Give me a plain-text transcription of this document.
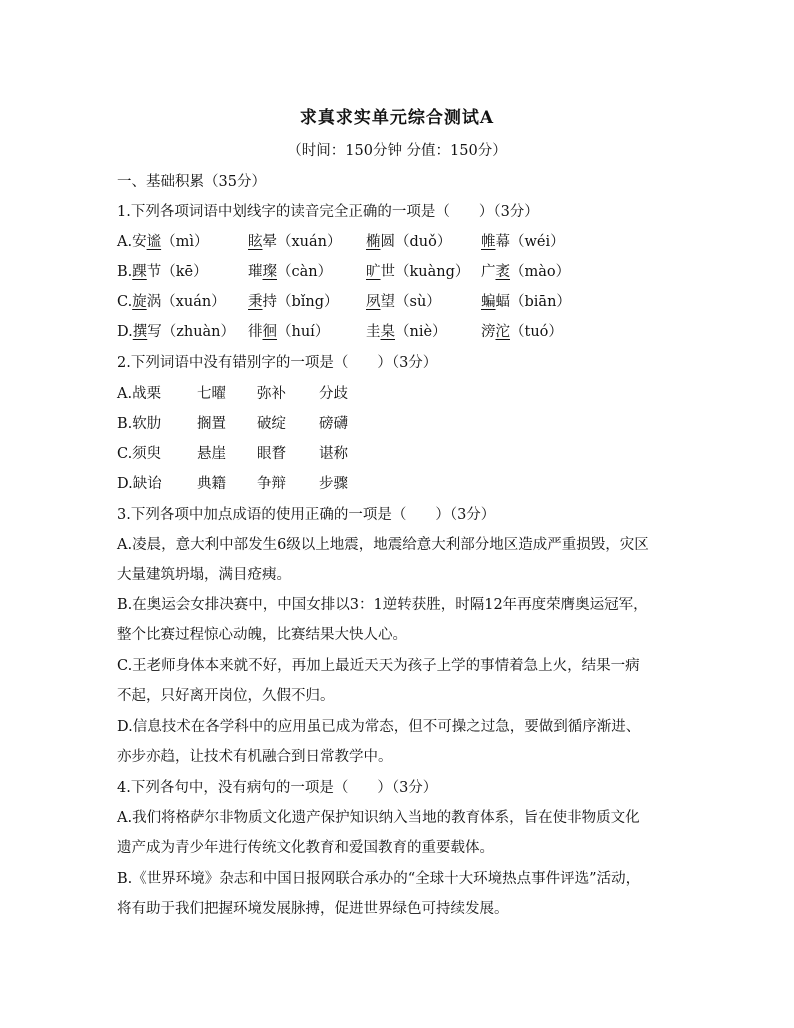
求真求实单元综合测试A
（时间：150分钟 分值：150分）
一、基础积累（35分）
1.下列各项词语中划线字的读音完全正确的一项是（　　）（3分）
A.安谧（mì）	眩晕（xuán） 椭圆（duǒ） 帷幕（wéi）
B.踝节（kē）	璀璨（càn） 旷世（kuàng） 广袤（mào）
C.旋涡（xuán） 秉持（bǐng） 夙望（sù）	蝙蝠（biān）
D.撰写（zhuàn） 徘徊（huí）	圭臬（niè） 滂沱（tuó）
2.下列词语中没有错别字的一项是（　　）（3分）
A.战栗 七曜 弥补 分歧
B.软肋 搁置 破绽 磅礴
C.须臾 悬崖 眼瞀 谌称
D.缺诒 典籍 争辩 步骤
3.下列各项中加点成语的使用正确的一项是（　　）（3分）
A.凌晨，意大利中部发生6级以上地震，地震给意大利部分地区造成严重损毁，灾区
大量建筑坍塌，满目疮痍。
B.在奥运会女排决赛中，中国女排以3：1逆转获胜，时隔12年再度荣膺奥运冠军，
整个比赛过程惊心动魄，比赛结果大快人心。
C.王老师身体本来就不好，再加上最近天天为孩子上学的事情着急上火，结果一病
不起，只好离开岗位，久假不归。
D.信息技术在各学科中的应用虽已成为常态，但不可操之过急，要做到循序渐进、
亦步亦趋，让技术有机融合到日常教学中。
4.下列各句中，没有病句的一项是（　　）（3分）
A.我们将格萨尔非物质文化遗产保护知识纳入当地的教育体系，旨在使非物质文化
遗产成为青少年进行传统文化教育和爱国教育的重要载体。
B.《世界环境》杂志和中国日报网联合承办的“全球十大环境热点事件评选”活动，
将有助于我们把握环境发展脉搏，促进世界绿色可持续发展。
